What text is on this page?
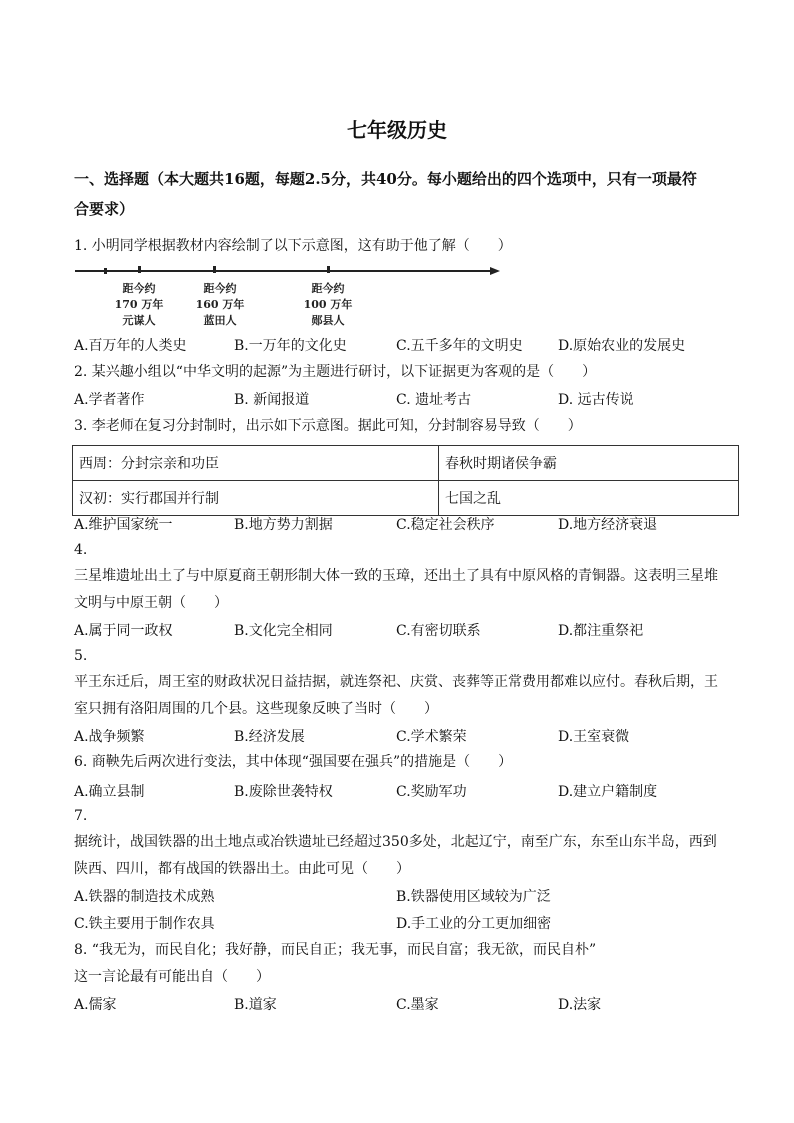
七年级历史
一、选择题（本大题共16题，每题2.5分，共40分。每小题给出的四个选项中，只有一项最符
合要求）
1. 小明同学根据教材内容绘制了以下示意图，这有助于他了解（　　）
距今约
170 万年
元谋人
距今约
160 万年
蓝田人
距今约
100 万年
郧县人
A.百万年的人类史	B.一万年的文化史	C.五千多年的文明史	D.原始农业的发展史
2. 某兴趣小组以“中华文明的起源”为主题进行研讨，以下证据更为客观的是（　　）
A.学者著作	B. 新闻报道	C. 遗址考古	D. 远古传说
3. 李老师在复习分封制时，出示如下示意图。据此可知，分封制容易导致（　　）
西周：分封宗亲和功臣	春秋时期诸侯争霸
汉初：实行郡国并行制	七国之乱
A.维护国家统一	B.地方势力割据	C.稳定社会秩序	D.地方经济衰退
4.
三星堆遗址出土了与中原夏商王朝形制大体一致的玉璋，还出土了具有中原风格的青铜器。这表明三星堆
文明与中原王朝（　　）
A.属于同一政权	B.文化完全相同	C.有密切联系	D.都注重祭祀
5.
平王东迁后，周王室的财政状况日益拮据，就连祭祀、庆赏、丧葬等正常费用都难以应付。春秋后期，王
室只拥有洛阳周围的几个县。这些现象反映了当时（　　）
A.战争频繁	B.经济发展	C.学术繁荣	D.王室衰微
6. 商鞅先后两次进行变法，其中体现“强国要在强兵”的措施是（　　）
A.确立县制	B.废除世袭特权	C.奖励军功	D.建立户籍制度
7.
据统计，战国铁器的出土地点或冶铁遗址已经超过350多处，北起辽宁，南至广东，东至山东半岛，西到
陕西、四川，都有战国的铁器出土。由此可见（　　）
A.铁器的制造技术成熟	B.铁器使用区域较为广泛
C.铁主要用于制作农具	D.手工业的分工更加细密
8. “我无为，而民自化；我好静，而民自正；我无事，而民自富；我无欲，而民自朴”
这一言论最有可能出自（　　）
A.儒家	B.道家	C.墨家	D.法家
